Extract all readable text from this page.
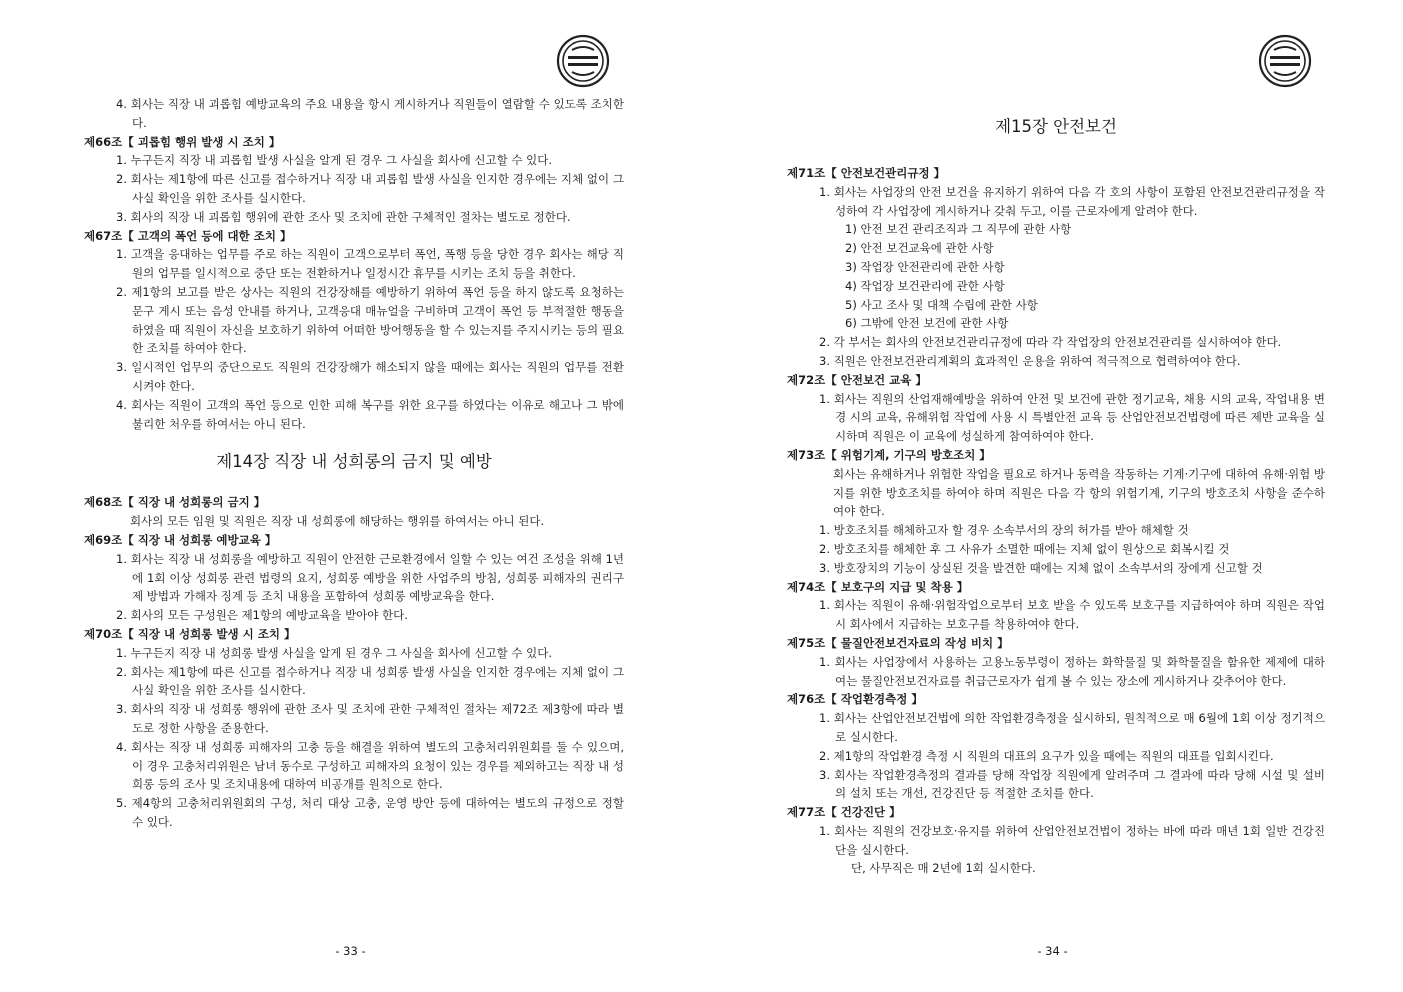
4. 회사는 직장 내 괴롭힘 예방교육의 주요 내용을 항시 게시하거나 직원들이 열람할 수 있도록 조치한다.
제66조【 괴롭힘 행위 발생 시 조치 】
1. 누구든지 직장 내 괴롭힘 발생 사실을 알게 된 경우 그 사실을 회사에 신고할 수 있다.
2. 회사는 제1항에 따른 신고를 접수하거나 직장 내 괴롭힘 발생 사실을 인지한 경우에는 지체 없이 그 사실 확인을 위한 조사를 실시한다.
3. 회사의 직장 내 괴롭힘 행위에 관한 조사 및 조치에 관한 구체적인 절차는 별도로 정한다.
제67조【 고객의 폭언 등에 대한 조치 】
1. 고객을 응대하는 업무를 주로 하는 직원이 고객으로부터 폭언, 폭행 등을 당한 경우 회사는 해당 직원의 업무를 일시적으로 중단 또는 전환하거나 일정시간 휴무를 시키는 조치 등을 취한다.
2. 제1항의 보고를 받은 상사는 직원의 건강장해를 예방하기 위하여 폭언 등을 하지 않도록 요청하는 문구 게시 또는 음성 안내를 하거나, 고객응대 매뉴얼을 구비하며 고객이 폭언 등 부적절한 행동을 하였을 때 직원이 자신을 보호하기 위하여 어떠한 방어행동을 할 수 있는지를 주지시키는 등의 필요한 조치를 하여야 한다.
3. 일시적인 업무의 중단으로도 직원의 건강장해가 해소되지 않을 때에는 회사는 직원의 업무를 전환시켜야 한다.
4. 회사는 직원이 고객의 폭언 등으로 인한 피해 복구를 위한 요구를 하였다는 이유로 해고나 그 밖에 불리한 처우를 하여서는 아니 된다.
제14장 직장 내 성희롱의 금지 및 예방
제68조【 직장 내 성희롱의 금지 】
회사의 모든 임원 및 직원은 직장 내 성희롱에 해당하는 행위를 하여서는 아니 된다.
제69조【 직장 내 성희롱 예방교육 】
1. 회사는 직장 내 성희롱을 예방하고 직원이 안전한 근로환경에서 일할 수 있는 여건 조성을 위해 1년에 1회 이상 성희롱 관련 법령의 요지, 성희롱 예방을 위한 사업주의 방침, 성희롱 피해자의 권리구제 방법과 가해자 징계 등 조치 내용을 포함하여 성희롱 예방교육을 한다.
2. 회사의 모든 구성원은 제1항의 예방교육을 받아야 한다.
제70조【 직장 내 성희롱 발생 시 조치 】
1. 누구든지 직장 내 성희롱 발생 사실을 알게 된 경우 그 사실을 회사에 신고할 수 있다.
2. 회사는 제1항에 따른 신고를 접수하거나 직장 내 성희롱 발생 사실을 인지한 경우에는 지체 없이 그 사실 확인을 위한 조사를 실시한다.
3. 회사의 직장 내 성희롱 행위에 관한 조사 및 조치에 관한 구체적인 절차는 제72조 제3항에 따라 별도로 정한 사항을 준용한다.
4. 회사는 직장 내 성희롱 피해자의 고충 등을 해결을 위하여 별도의 고충처리위원회를 둘 수 있으며, 이 경우 고충처리위원은 남녀 동수로 구성하고 피해자의 요청이 있는 경우를 제외하고는 직장 내 성희롱 등의 조사 및 조치내용에 대하여 비공개를 원칙으로 한다.
5. 제4항의 고충처리위원회의 구성, 처리 대상 고충, 운영 방안 등에 대하여는 별도의 규정으로 정할 수 있다.
- 33 -
제15장 안전보건
제71조【 안전보건관리규정 】
1. 회사는 사업장의 안전 보건을 유지하기 위하여 다음 각 호의 사항이 포함된 안전보건관리규정을 작성하여 각 사업장에 게시하거나 갖춰 두고, 이를 근로자에게 알려야 한다.
1) 안전 보건 관리조직과 그 직무에 관한 사항
2) 안전 보건교육에 관한 사항
3) 작업장 안전관리에 관한 사항
4) 작업장 보건관리에 관한 사항
5) 사고 조사 및 대책 수립에 관한 사항
6) 그밖에 안전 보건에 관한 사항
2. 각 부서는 회사의 안전보건관리규정에 따라 각 작업장의 안전보건관리를 실시하여야 한다.
3. 직원은 안전보건관리계획의 효과적인 운용을 위하여 적극적으로 협력하여야 한다.
제72조【 안전보건 교육 】
1. 회사는 직원의 산업재해예방을 위하여 안전 및 보건에 관한 정기교육, 채용 시의 교육, 작업내용 변경 시의 교육, 유해위험 작업에 사용 시 특별안전 교육 등 산업안전보건법령에 따른 제반 교육을 실시하며 직원은 이 교육에 성실하게 참여하여야 한다.
제73조【 위험기계, 기구의 방호조치 】
회사는 유해하거나 위험한 작업을 필요로 하거나 동력을 작동하는 기계·기구에 대하여 유해·위험 방지를 위한 방호조치를 하여야 하며 직원은 다음 각 항의 위험기계, 기구의 방호조치 사항을 준수하여야 한다.
1. 방호조치를 해체하고자 할 경우 소속부서의 장의 허가를 받아 해체할 것
2. 방호조치를 해체한 후 그 사유가 소멸한 때에는 지체 없이 원상으로 회복시킬 것
3. 방호장치의 기능이 상실된 것을 발견한 때에는 지체 없이 소속부서의 장에게 신고할 것
제74조【 보호구의 지급 및 착용 】
1. 회사는 직원이 유해·위험작업으로부터 보호 받을 수 있도록 보호구를 지급하여야 하며 직원은 작업 시 회사에서 지급하는 보호구를 착용하여야 한다.
제75조【 물질안전보건자료의 작성 비치 】
1. 회사는 사업장에서 사용하는 고용노동부령이 정하는 화학물질 및 화학물질을 함유한 제제에 대하여는 물질안전보건자료를 취급근로자가 쉽게 볼 수 있는 장소에 게시하거나 갖추어야 한다.
제76조【 작업환경측정 】
1. 회사는 산업안전보건법에 의한 작업환경측정을 실시하되, 원칙적으로 매 6월에 1회 이상 정기적으로 실시한다.
2. 제1항의 작업환경 측정 시 직원의 대표의 요구가 있을 때에는 직원의 대표를 입회시킨다.
3. 회사는 작업환경측정의 결과를 당해 작업장 직원에게 알려주며 그 결과에 따라 당해 시설 및 설비의 설치 또는 개선, 건강진단 등 적절한 조치를 한다.
제77조【 건강진단 】
1. 회사는 직원의 건강보호·유지를 위하여 산업안전보건법이 정하는 바에 따라 매년 1회 일반 건강진단을 실시한다.
단, 사무직은 매 2년에 1회 실시한다.
- 34 -
